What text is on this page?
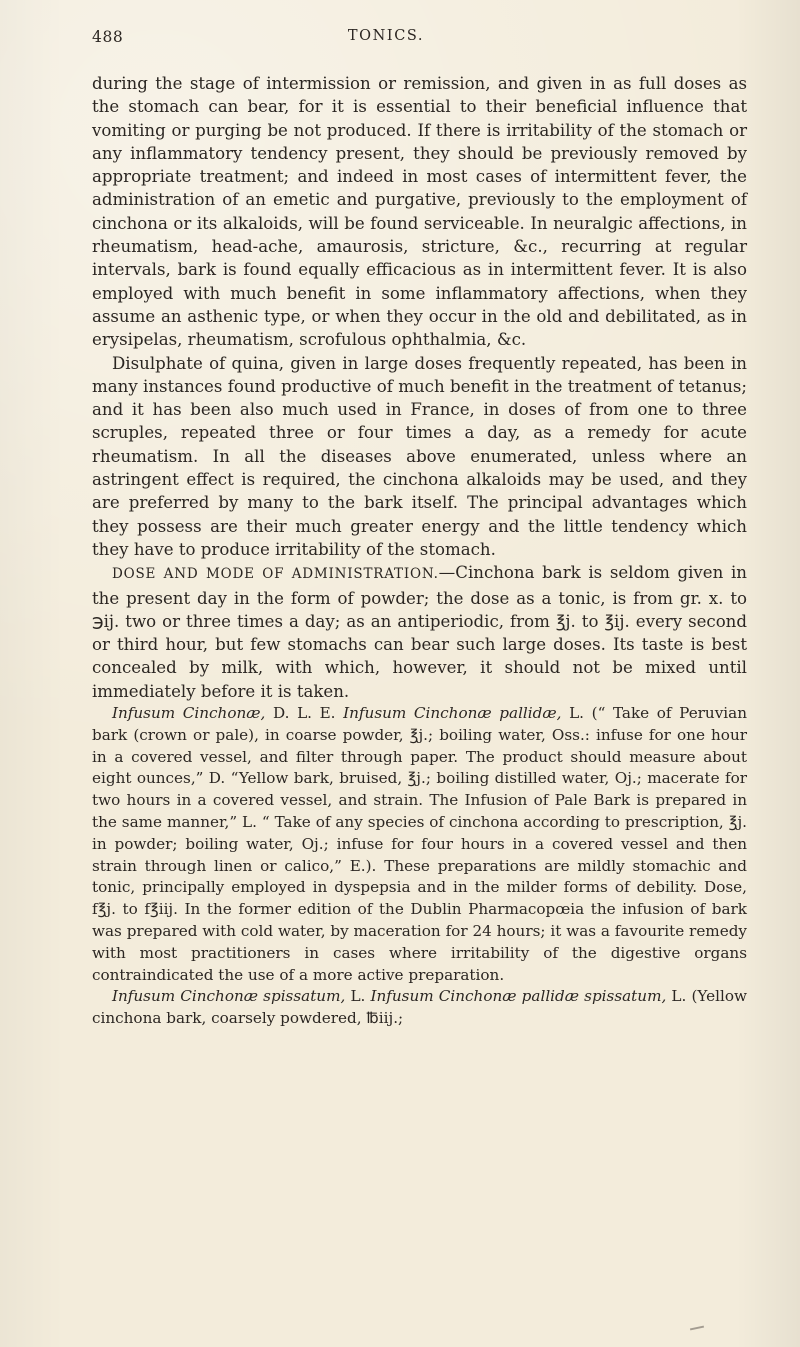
488	TONICS.

during the stage of intermission or remission, and given in as full doses as the stomach can bear, for it is essential to their beneficial influence that vomiting or purging be not produced. If there is irritability of the stomach or any inflammatory tendency present, they should be previously removed by appropriate treatment; and indeed in most cases of intermittent fever, the administration of an emetic and purgative, previously to the employment of cinchona or its alkaloids, will be found serviceable. In neuralgic affections, in rheumatism, head-ache, amaurosis, stricture, &c., recurring at regular intervals, bark is found equally efficacious as in intermittent fever. It is also employed with much benefit in some inflammatory affections, when they assume an asthenic type, or when they occur in the old and debilitated, as in erysipelas, rheumatism, scrofulous ophthalmia, &c.

Disulphate of quina, given in large doses frequently repeated, has been in many instances found productive of much benefit in the treatment of tetanus; and it has been also much used in France, in doses of from one to three scruples, repeated three or four times a day, as a remedy for acute rheumatism. In all the diseases above enumerated, unless where an astringent effect is required, the cinchona alkaloids may be used, and they are preferred by many to the bark itself. The principal advantages which they possess are their much greater energy and the little tendency which they have to produce irritability of the stomach.

DOSE AND MODE OF ADMINISTRATION.—Cinchona bark is seldom given in the present day in the form of powder; the dose as a tonic, is from gr. x. to ℈ij. two or three times a day; as an antiperiodic, from ℥j. to ℥ij. every second or third hour, but few stomachs can bear such large doses. Its taste is best concealed by milk, with which, however, it should not be mixed until immediately before it is taken.

Infusum Cinchonæ, D. L. E. Infusum Cinchonæ pallidæ, L. (“ Take of Peruvian bark (crown or pale), in coarse powder, ℥j.; boiling water, Oss.: infuse for one hour in a covered vessel, and filter through paper. The product should measure about eight ounces,” D. “Yellow bark, bruised, ℥j.; boiling distilled water, Oj.; macerate for two hours in a covered vessel, and strain. The Infusion of Pale Bark is prepared in the same manner,” L. “ Take of any species of cinchona according to prescription, ℥j. in powder; boiling water, Oj.; infuse for four hours in a covered vessel and then strain through linen or calico,” E.). These preparations are mildly stomachic and tonic, principally employed in dyspepsia and in the milder forms of debility. Dose, f℥j. to f℥iij. In the former edition of the Dublin Pharmacopœia the infusion of bark was prepared with cold water, by maceration for 24 hours; it was a favourite remedy with most practitioners in cases where irritability of the digestive organs contraindicated the use of a more active preparation.

Infusum Cinchonæ spissatum, L. Infusum Cinchonæ pallidæ spissatum, L. (Yellow cinchona bark, coarsely powdered, ℔iij.;
